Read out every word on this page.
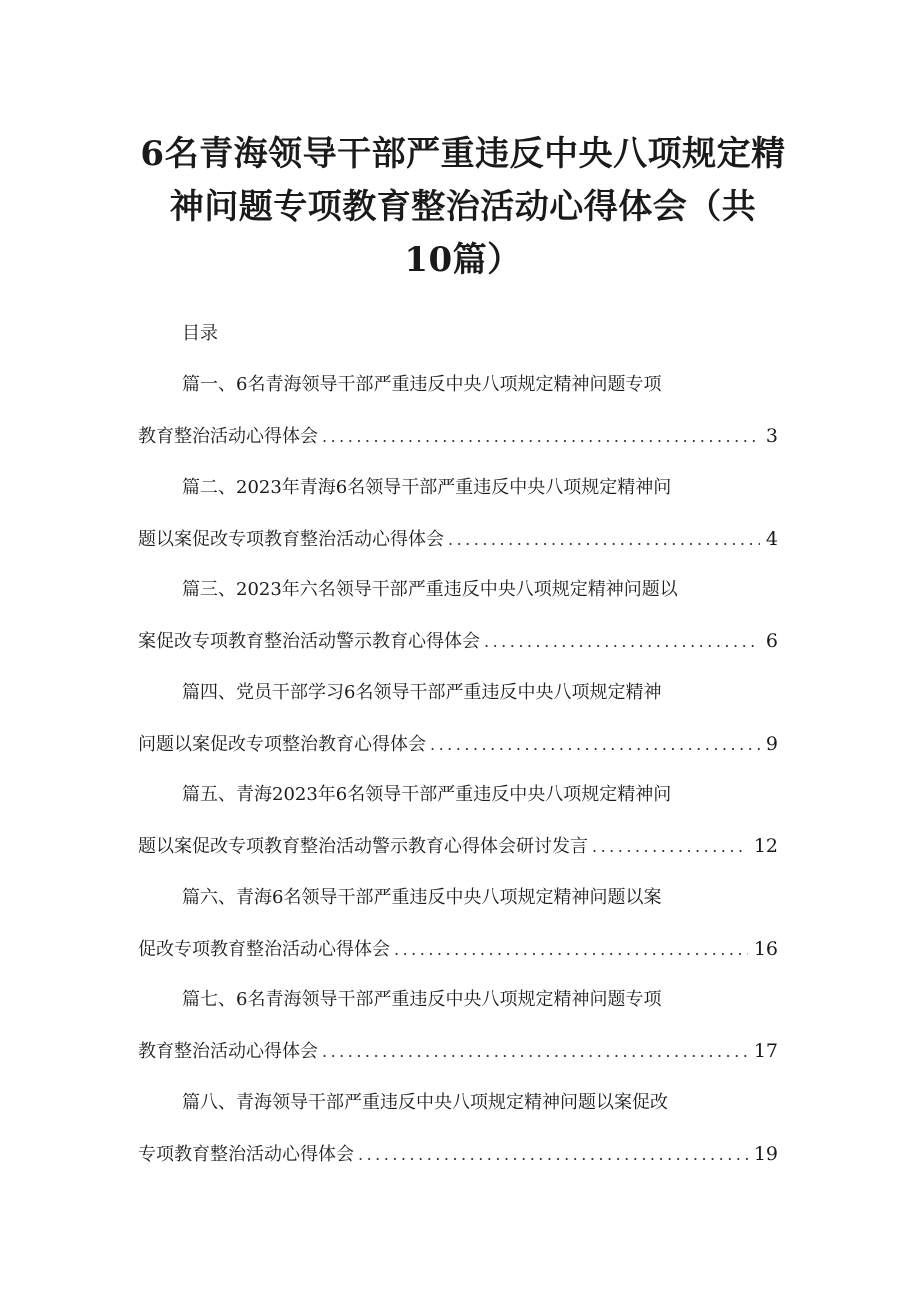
6名青海领导干部严重违反中央八项规定精
神问题专项教育整治活动心得体会（共
10篇）

目录

篇一、6名青海领导干部严重违反中央八项规定精神问题专项
教育整治活动心得体会 .....	3
篇二、2023年青海6名领导干部严重违反中央八项规定精神问
题以案促改专项教育整治活动心得体会 .....	4
篇三、2023年六名领导干部严重违反中央八项规定精神问题以
案促改专项教育整治活动警示教育心得体会 .....	6
篇四、党员干部学习6名领导干部严重违反中央八项规定精神
问题以案促改专项整治教育心得体会 .....	9
篇五、青海2023年6名领导干部严重违反中央八项规定精神问
题以案促改专项教育整治活动警示教育心得体会研讨发言 .....	12
篇六、青海6名领导干部严重违反中央八项规定精神问题以案
促改专项教育整治活动心得体会 .....	16
篇七、6名青海领导干部严重违反中央八项规定精神问题专项
教育整治活动心得体会 .....	17
篇八、青海领导干部严重违反中央八项规定精神问题以案促改
专项教育整治活动心得体会 .....	19
